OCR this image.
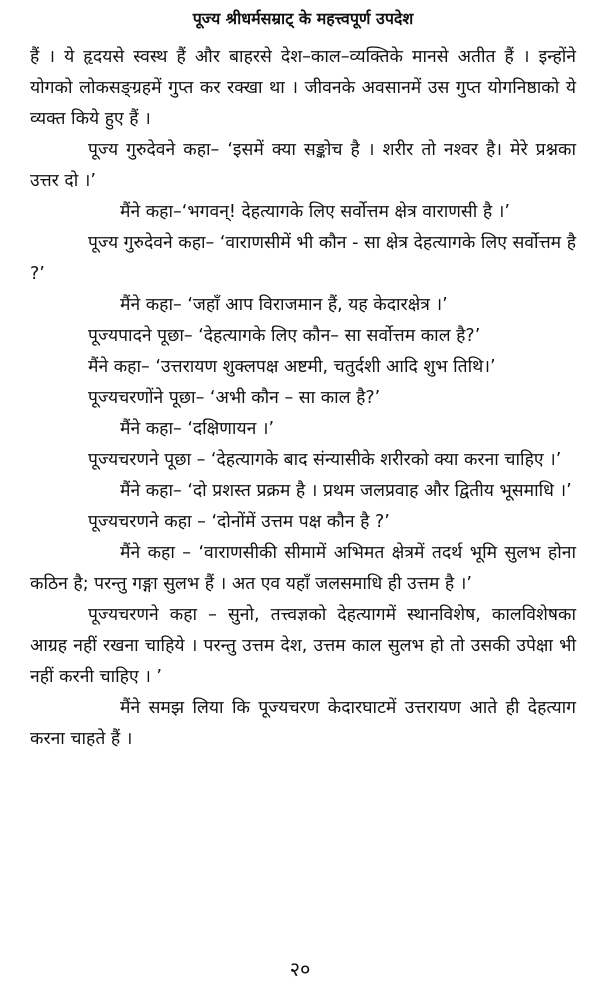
पूज्य श्रीधर्मसम्राट् के महत्त्वपूर्ण उपदेश

हैं । ये हृदयसे स्वस्थ हैं और बाहरसे देश–काल–व्यक्तिके मानसे अतीत हैं । इन्होंने योगको लोकसङ्ग्रहमें गुप्त कर रक्खा था । जीवनके अवसानमें उस गुप्त योगनिष्ठाको ये व्यक्त किये हुए हैं ।

पूज्य गुरुदेवने कहा– ‘इसमें क्या सङ्कोच है । शरीर तो नश्वर है। मेरे प्रश्नका उत्तर दो ।’

मैंने कहा–‘भगवन्! देहत्यागके लिए सर्वोत्तम क्षेत्र वाराणसी है ।’

पूज्य गुरुदेवने कहा– ‘वाराणसीमें भी कौन - सा क्षेत्र देहत्यागके लिए सर्वोत्तम है ?’

मैंने कहा– ‘जहाँ आप विराजमान हैं, यह केदारक्षेत्र ।’

पूज्यपादने पूछा– ‘देहत्यागके लिए कौन– सा सर्वोत्तम काल है?’

मैंने कहा– ‘उत्तरायण शुक्लपक्ष अष्टमी, चतुर्दशी आदि शुभ तिथि।’

पूज्यचरणोंने पूछा– ‘अभी कौन – सा काल है?’

मैंने कहा– ‘दक्षिणायन ।’

पूज्यचरणने पूछा – ‘देहत्यागके बाद संन्यासीके शरीरको क्या करना चाहिए ।’

मैंने कहा– ‘दो प्रशस्त प्रक्रम है । प्रथम जलप्रवाह और द्वितीय भूसमाधि ।’

पूज्यचरणने कहा – ‘दोनोंमें उत्तम पक्ष कौन है ?’

मैंने कहा – ‘वाराणसीकी सीमामें अभिमत क्षेत्रमें तदर्थ भूमि सुलभ होना कठिन है; परन्तु गङ्गा सुलभ हैं । अत एव यहाँ जलसमाधि ही उत्तम है ।’

पूज्यचरणने कहा – सुनो, तत्त्वज्ञको देहत्यागमें स्थानविशेष, कालविशेषका आग्रह नहीं रखना चाहिये । परन्तु उत्तम देश, उत्तम काल सुलभ हो तो उसकी उपेक्षा भी नहीं करनी चाहिए । ’

मैंने समझ लिया कि पूज्यचरण केदारघाटमें उत्तरायण आते ही देहत्याग करना चाहते हैं ।

२०
